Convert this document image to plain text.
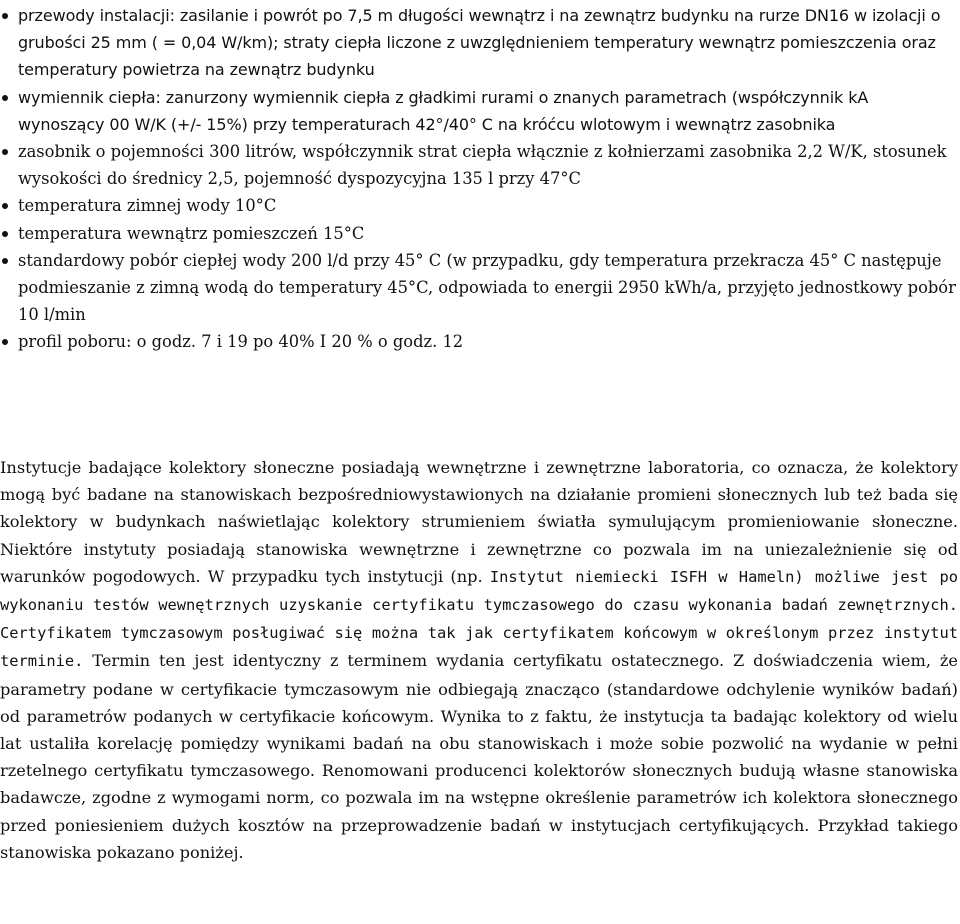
przewody instalacji: zasilanie i powrót po 7,5 m długości wewnątrz i na zewnątrz budynku na rurze DN16 w izolacji o grubości 25 mm ( = 0,04 W/km); straty ciepła liczone z uwzględnieniem temperatury wewnątrz pomieszczenia oraz temperatury powietrza na zewnątrz budynku
wymiennik ciepła: zanurzony wymiennik ciepła z gładkimi rurami o znanych parametrach (współczynnik kA wynoszący 00 W/K (+/- 15%) przy temperaturach 42°/40° C na króćcu wlotowym i wewnątrz zasobnika
zasobnik o pojemności 300 litrów, współczynnik strat ciepła włącznie z kołnierzami zasobnika 2,2 W/K, stosunek wysokości do średnicy 2,5, pojemność dyspozycyjna 135 l przy 47°C
temperatura zimnej wody 10°C
temperatura wewnątrz pomieszczeń 15°C
standardowy pobór ciepłej wody 200 l/d przy 45° C (w przypadku, gdy temperatura przekracza 45° C następuje podmieszanie z zimną wodą do temperatury 45°C, odpowiada to energii 2950 kWh/a, przyjęto jednostkowy pobór 10 l/min
profil poboru: o godz. 7 i 19 po 40% I 20 % o godz. 12

Instytucje badające kolektory słoneczne posiadają wewnętrzne i zewnętrzne laboratoria, co oznacza, że kolektory mogą być badane na stanowiskach bezpośredniowystawionych na działanie promieni słonecznych lub też bada się kolektory w budynkach naświetlając kolektory strumieniem światła symulującym promieniowanie słoneczne. Niektóre instytuty posiadają stanowiska wewnętrzne i zewnętrzne co pozwala im na uniezależnienie się od warunków pogodowych. W przypadku tych instytucji (np. Instytut niemiecki ISFH w Hameln) możliwe jest po wykonaniu testów wewnętrznych uzyskanie certyfikatu tymczasowego do czasu wykonania badań zewnętrznych. Certyfikatem tymczasowym posługiwać się można tak jak certyfikatem końcowym w określonym przez instytut terminie. Termin ten jest identyczny z terminem wydania certyfikatu ostatecznego. Z doświadczenia wiem, że parametry podane w certyfikacie tymczasowym nie odbiegają znacząco (standardowe odchylenie wyników badań) od parametrów podanych w certyfikacie końcowym. Wynika to z faktu, że instytucja ta badając kolektory od wielu lat ustaliła korelację pomiędzy wynikami badań na obu stanowiskach i może sobie pozwolić na wydanie w pełni rzetelnego certyfikatu tymczasowego. Renomowani producenci kolektorów słonecznych budują własne stanowiska badawcze, zgodne z wymogami norm, co pozwala im na wstępne określenie parametrów ich kolektora słonecznego przed poniesieniem dużych kosztów na przeprowadzenie badań w instytucjach certyfikujących. Przykład takiego stanowiska pokazano poniżej.
